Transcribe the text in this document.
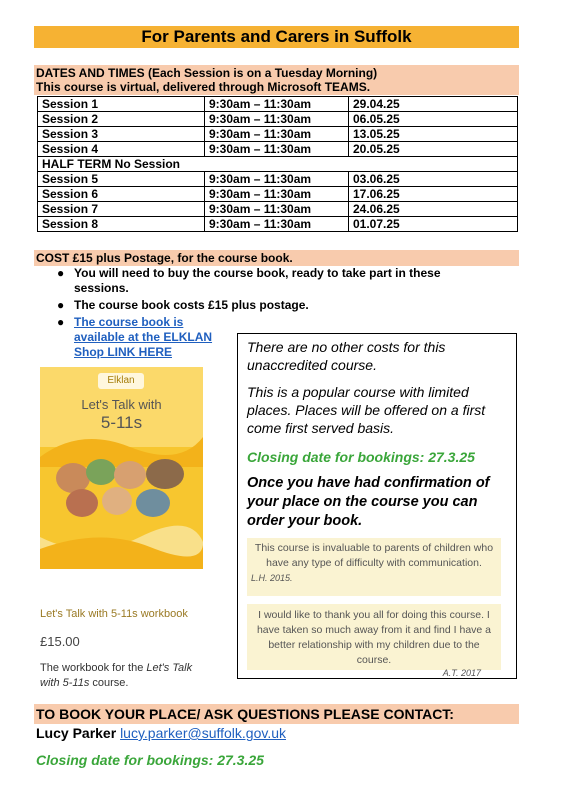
For Parents and Carers in Suffolk
DATES AND TIMES (Each Session is on a Tuesday Morning)
This course is virtual, delivered through Microsoft TEAMS.
Session 1	9:30am – 11:30am	29.04.25
Session 2	9:30am – 11:30am	06.05.25
Session 3	9:30am – 11:30am	13.05.25
Session 4	9:30am – 11:30am	20.05.25
HALF TERM No Session		
Session 5	9:30am – 11:30am	03.06.25
Session 6	9:30am – 11:30am	17.06.25
Session 7	9:30am – 11:30am	24.06.25
Session 8	9:30am – 11:30am	01.07.25
COST £15 plus Postage, for the course book.
● You will need to buy the course book, ready to take part in these sessions.
● The course book costs £15 plus postage.
● The course book is available at the ELKLAN Shop LINK HERE
Elklan
Let's Talk with
5-11s
Let's Talk with 5-11s workbook
£15.00
The workbook for the Let's Talk with 5-11s course.

There are no other costs for this unaccredited course.

This is a popular course with limited places. Places will be offered on a first come first served basis.

Closing date for bookings: 27.3.25

Once you have had confirmation of your place on the course you can order your book.

This course is invaluable to parents of children who have any type of difficulty with communication.
L.H. 2015.
I would like to thank you all for doing this course. I have taken so much away from it and find I have a better relationship with my children due to the course.
A.T. 2017
TO BOOK YOUR PLACE/ ASK QUESTIONS PLEASE CONTACT:
Lucy Parker lucy.parker@suffolk.gov.uk
Closing date for bookings: 27.3.25
